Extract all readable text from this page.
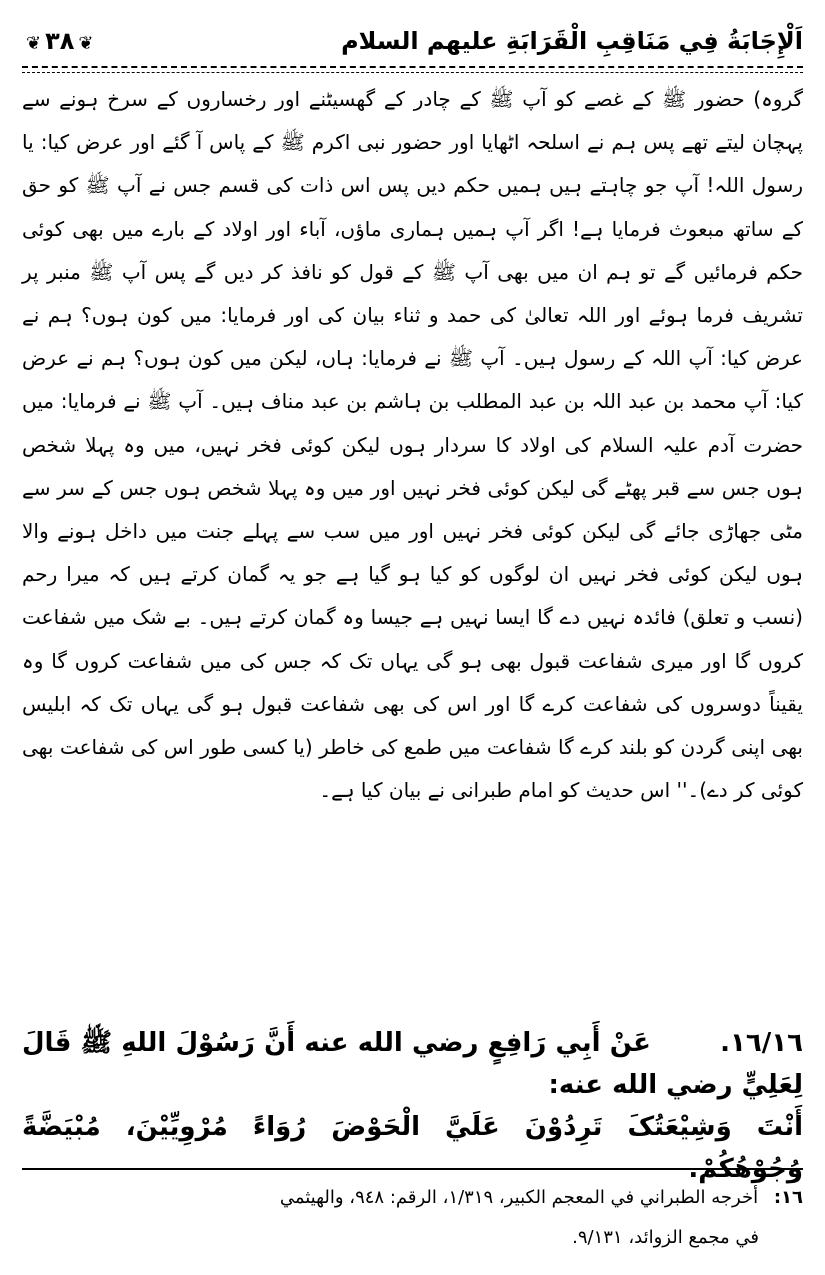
❦۳۸❦	اَلْإِجَابَةُ فِي مَنَاقِبِ الْقَرَابَةِ عليهم السلام

گروہ) حضور ﷺ کے غصے کو آپ ﷺ کے چادر کے گھسیٹنے اور رخساروں کے سرخ ہونے سے پہچان لیتے تھے پس ہم نے اسلحہ اٹھایا اور حضور نبی اکرم ﷺ کے پاس آ گئے اور عرض کیا: یا رسول اللہ! آپ جو چاہتے ہیں ہمیں حکم دیں پس اس ذات کی قسم جس نے آپ ﷺ کو حق کے ساتھ مبعوث فرمایا ہے! اگر آپ ہمیں ہماری ماؤں، آباء اور اولاد کے بارے میں بھی کوئی حکم فرمائیں گے تو ہم ان میں بھی آپ ﷺ کے قول کو نافذ کر دیں گے پس آپ ﷺ منبر پر تشریف فرما ہوئے اور اللہ تعالیٰ کی حمد و ثناء بیان کی اور فرمایا: میں کون ہوں؟ ہم نے عرض کیا: آپ اللہ کے رسول ہیں۔ آپ ﷺ نے فرمایا: ہاں، لیکن میں کون ہوں؟ ہم نے عرض کیا: آپ محمد بن عبد اللہ بن عبد المطلب بن ہاشم بن عبد مناف ہیں۔ آپ ﷺ نے فرمایا: میں حضرت آدم علیہ السلام کی اولاد کا سردار ہوں لیکن کوئی فخر نہیں، میں وہ پہلا شخص ہوں جس سے قبر پھٹے گی لیکن کوئی فخر نہیں اور میں وہ پہلا شخص ہوں جس کے سر سے مٹی جھاڑی جائے گی لیکن کوئی فخر نہیں اور میں سب سے پہلے جنت میں داخل ہونے والا ہوں لیکن کوئی فخر نہیں ان لوگوں کو کیا ہو گیا ہے جو یہ گمان کرتے ہیں کہ میرا رحم (نسب و تعلق) فائدہ نہیں دے گا ایسا نہیں ہے جیسا وہ گمان کرتے ہیں۔ بے شک میں شفاعت کروں گا اور میری شفاعت قبول بھی ہو گی یہاں تک کہ جس کی میں شفاعت کروں گا وہ یقیناً دوسروں کی شفاعت کرے گا اور اس کی بھی شفاعت قبول ہو گی یہاں تک کہ ابلیس بھی اپنی گردن کو بلند کرے گا شفاعت میں طمع کی خاطر (یا کسی طور اس کی شفاعت بھی کوئی کر دے)۔'' اس حدیث کو امام طبرانی نے بیان کیا ہے۔

١٦/١٦. عَنْ أَبِي رَافِعٍ رضي الله عنه أَنَّ رَسُوْلَ اللهِ ﷺ قَالَ لِعَلِيٍّ رضي الله عنه:
أَنْتَ وَشِيْعَتُکَ تَرِدُوْنَ عَلَيَّ الْحَوْضَ رُوَاءً مُرْوِيِّيْنَ، مُبْيَضَّةً وُجُوْهُکُمْ.
١٦: أخرجه الطبراني في المعجم الكبير، ١/٣١٩، الرقم: ٩٤٨، والهيثمي
في مجمع الزوائد، ٩/١٣١.
